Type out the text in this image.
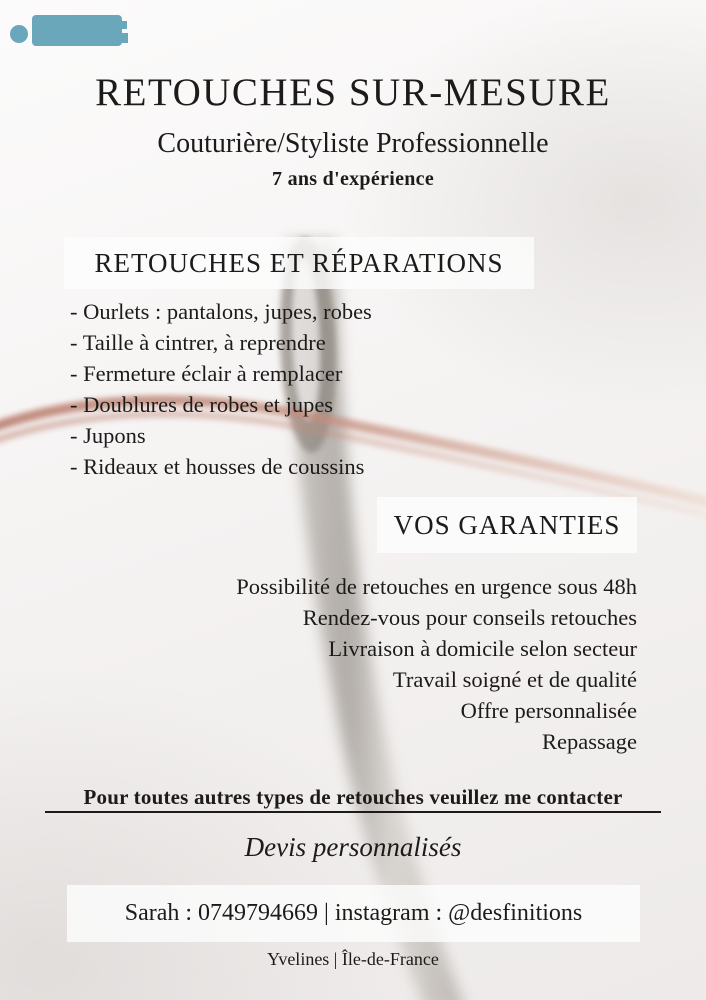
RETOUCHES SUR-MESURE
Couturière/Styliste Professionnelle
7 ans d'expérience
RETOUCHES ET RÉPARATIONS
- Ourlets : pantalons, jupes, robes
- Taille à cintrer, à reprendre
- Fermeture éclair à remplacer
- Doublures de robes et jupes
- Jupons
- Rideaux et housses de coussins
VOS GARANTIES
Possibilité de retouches en urgence sous 48h
Rendez-vous pour conseils retouches
Livraison à domicile selon secteur
Travail soigné et de qualité
Offre personnalisée
Repassage
Pour toutes autres types de retouches veuillez me contacter
Devis personnalisés
Sarah : 0749794669 | instagram : @desfinitions
Yvelines | Île-de-France
